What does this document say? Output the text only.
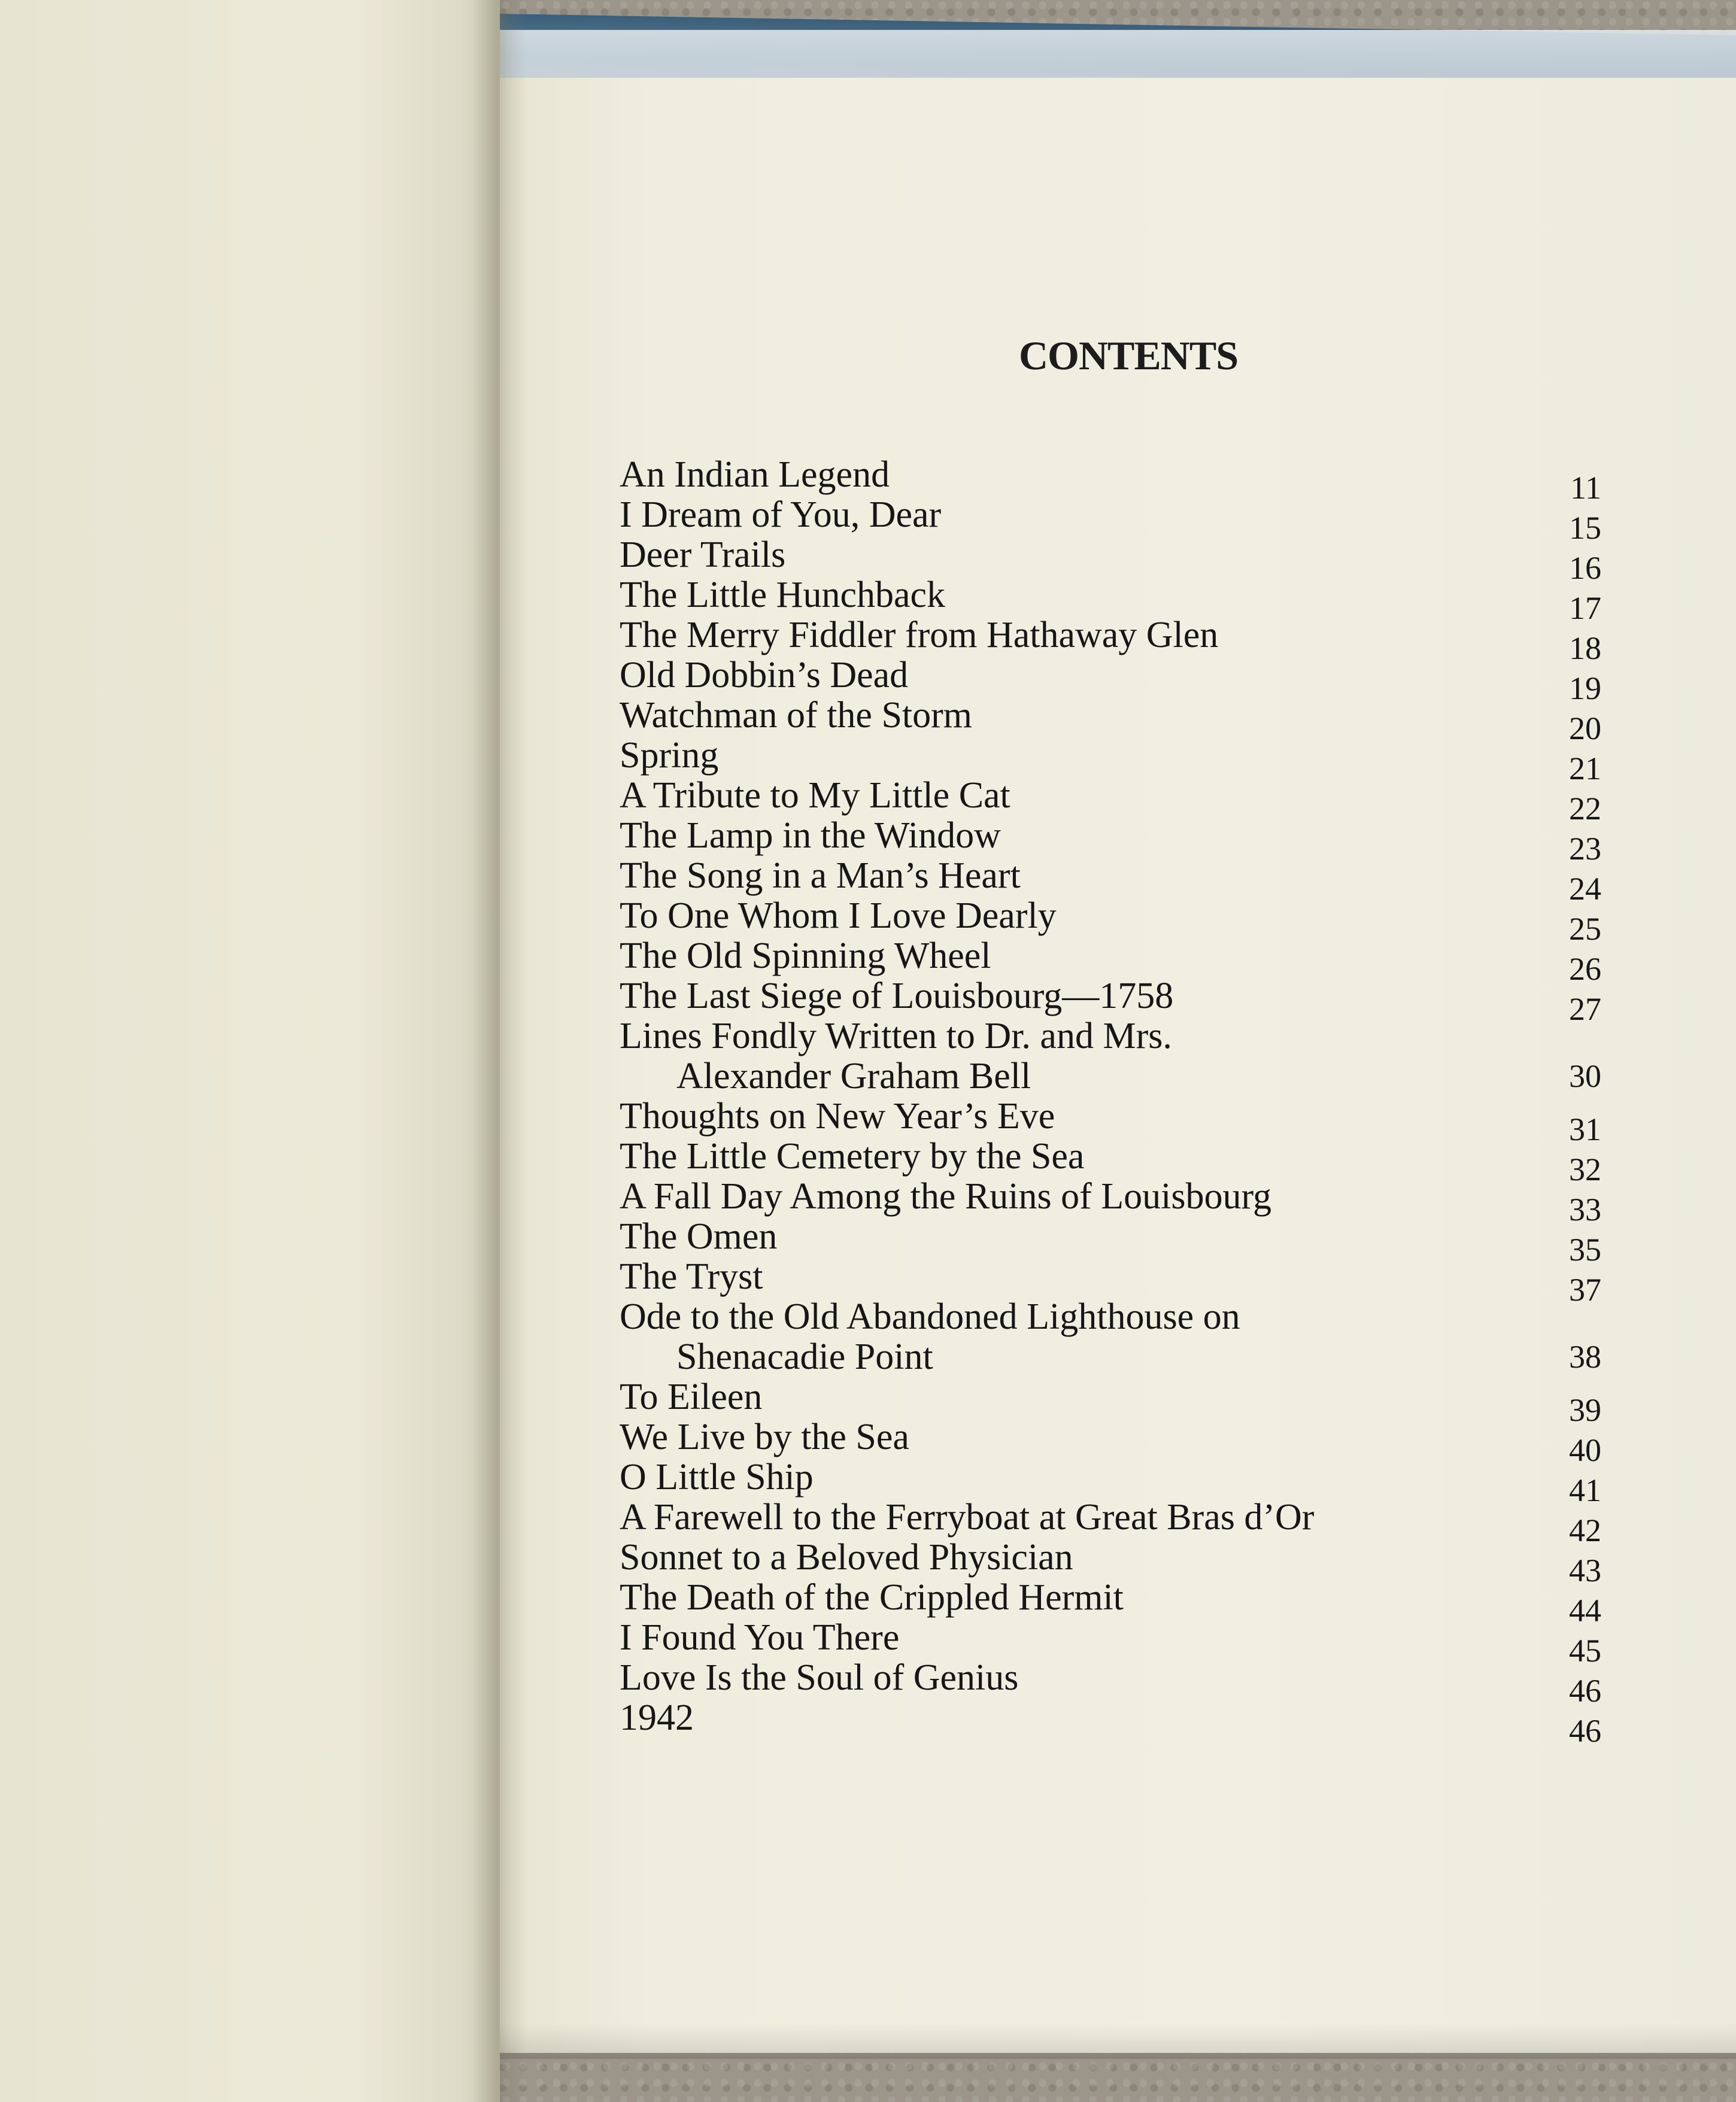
CONTENTS
An Indian Legend	11
I Dream of You, Dear	15
Deer Trails	16
The Little Hunchback	17
The Merry Fiddler from Hathaway Glen	18
Old Dobbin’s Dead	19
Watchman of the Storm	20
Spring	21
A Tribute to My Little Cat	22
The Lamp in the Window	23
The Song in a Man’s Heart	24
To One Whom I Love Dearly	25
The Old Spinning Wheel	26
The Last Siege of Louisbourg—1758	27
Lines Fondly Written to Dr. and Mrs.
Alexander Graham Bell	30
Thoughts on New Year’s Eve	31
The Little Cemetery by the Sea	32
A Fall Day Among the Ruins of Louisbourg	33
The Omen	35
The Tryst	37
Ode to the Old Abandoned Lighthouse on
Shenacadie Point	38
To Eileen	39
We Live by the Sea	40
O Little Ship	41
A Farewell to the Ferryboat at Great Bras d’Or	42
Sonnet to a Beloved Physician	43
The Death of the Crippled Hermit	44
I Found You There	45
Love Is the Soul of Genius	46
1942	46
